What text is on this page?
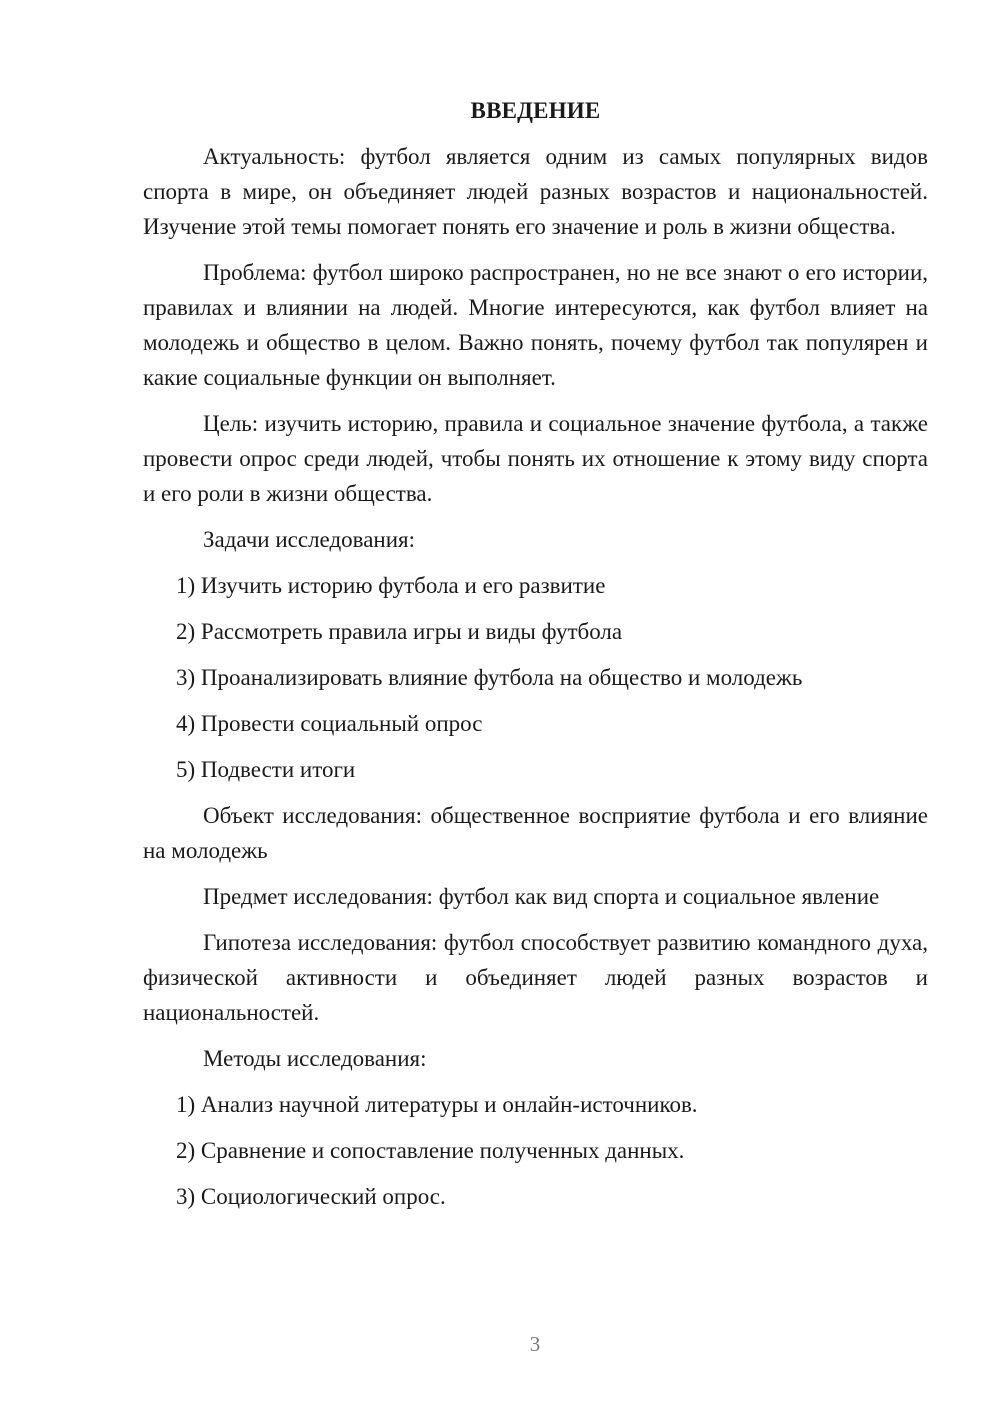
ВВЕДЕНИЕ

Актуальность: футбол является одним из самых популярных видов спорта в мире, он объединяет людей разных возрастов и национальностей. Изучение этой темы помогает понять его значение и роль в жизни общества.

Проблема: футбол широко распространен, но не все знают о его истории, правилах и влиянии на людей. Многие интересуются, как футбол влияет на молодежь и общество в целом. Важно понять, почему футбол так популярен и какие социальные функции он выполняет.

Цель: изучить историю, правила и социальное значение футбола, а также провести опрос среди людей, чтобы понять их отношение к этому виду спорта и его роли в жизни общества.

Задачи исследования:

1) Изучить историю футбола и его развитие
2) Рассмотреть правила игры и виды футбола
3) Проанализировать влияние футбола на общество и молодежь
4) Провести социальный опрос
5) Подвести итоги

Объект исследования: общественное восприятие футбола и его влияние на молодежь

Предмет исследования: футбол как вид спорта и социальное явление

Гипотеза исследования: футбол способствует развитию командного духа, физической активности и объединяет людей разных возрастов и национальностей.

Методы исследования:

1) Анализ научной литературы и онлайн-источников.
2) Сравнение и сопоставление полученных данных.
3) Социологический опрос.
3
